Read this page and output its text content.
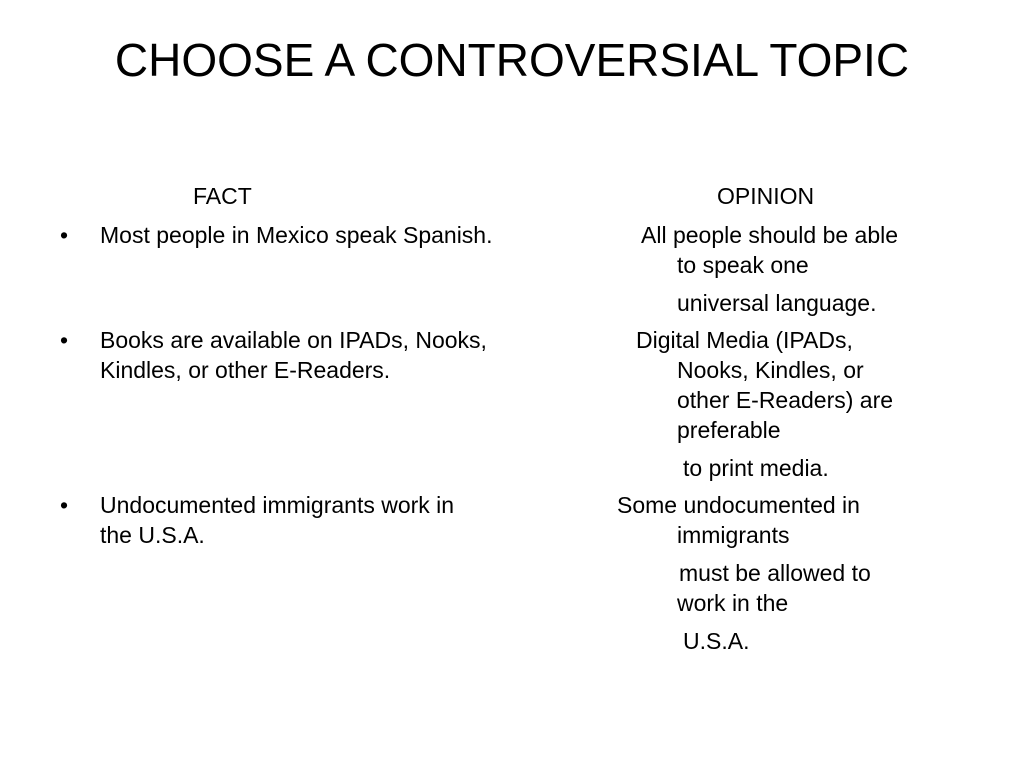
CHOOSE A CONTROVERSIAL TOPIC
FACT	OPINION
• Most people in Mexico speak Spanish.	All people should be able
to speak one
universal language.
• Books are available on IPADs, Nooks,
Kindles, or other E-Readers.
Digital Media (IPADs,
Nooks, Kindles, or
other E-Readers) are
preferable
to print media.
• Undocumented immigrants work in
the U.S.A.
Some undocumented in
immigrants
must be allowed to
work in the
U.S.A.
